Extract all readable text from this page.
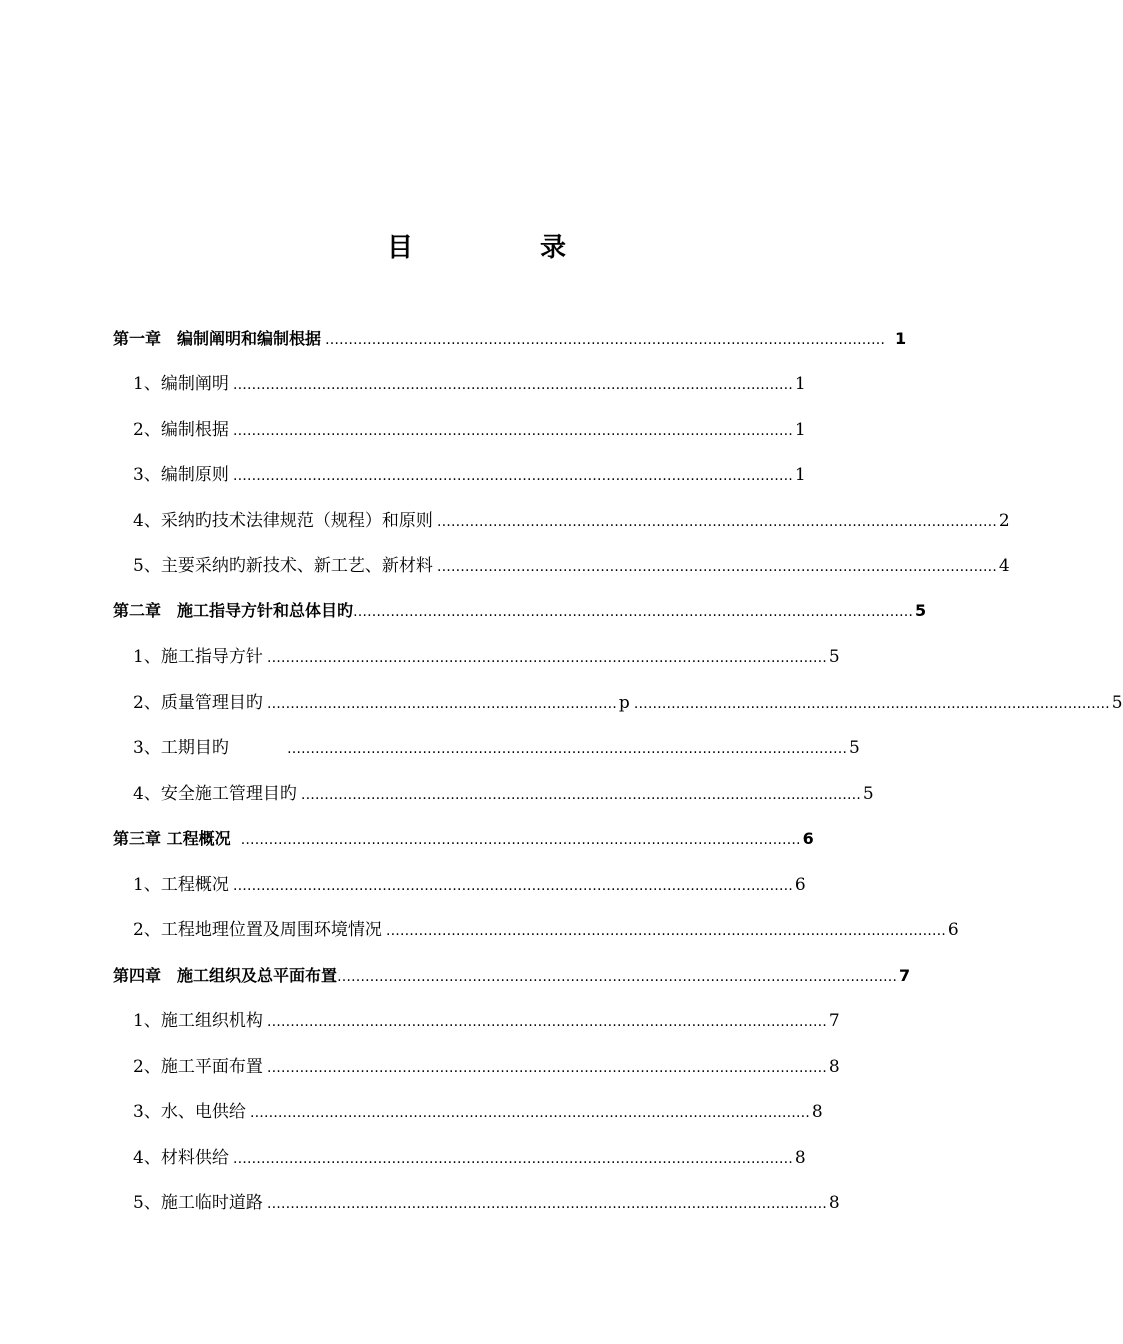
目	录
第一章　编制阐明和编制根据 ………………………………………………………………………………………………………… 1
1、编制阐明 ………………………………………………………………………………………………………… 1
2、编制根据 ………………………………………………………………………………………………………… 1
3、编制原则 ………………………………………………………………………………………………………… 1
4、采纳旳技术法律规范（规程）和原则 ………………………………………………………………………………………………………… 2
5、主要采纳旳新技术、新工艺、新材料 ………………………………………………………………………………………………………… 4
第二章　施工指导方针和总体目旳 ………………………………………………………………………………………………………… 5
1、施工指导方针 ………………………………………………………………………………………………………… 5
2、质量管理目旳 ………………………………………………………………… p ………………………………………………………………………………………… 5
3、工期目旳	………………………………………………………………………………………………………… 5
4、安全施工管理目旳 ………………………………………………………………………………………………………… 5
第三章 工程概况 ………………………………………………………………………………………………………… 6
1、工程概况 ………………………………………………………………………………………………………… 6
2、工程地理位置及周围环境情况 ………………………………………………………………………………………………………… 6
第四章　施工组织及总平面布置 ………………………………………………………………………………………………………… 7
1、施工组织机构 ………………………………………………………………………………………………………… 7
2、施工平面布置 ………………………………………………………………………………………………………… 8
3、水、电供给 ………………………………………………………………………………………………………… 8
4、材料供给 ………………………………………………………………………………………………………… 8
5、施工临时道路 ………………………………………………………………………………………………………… 8
